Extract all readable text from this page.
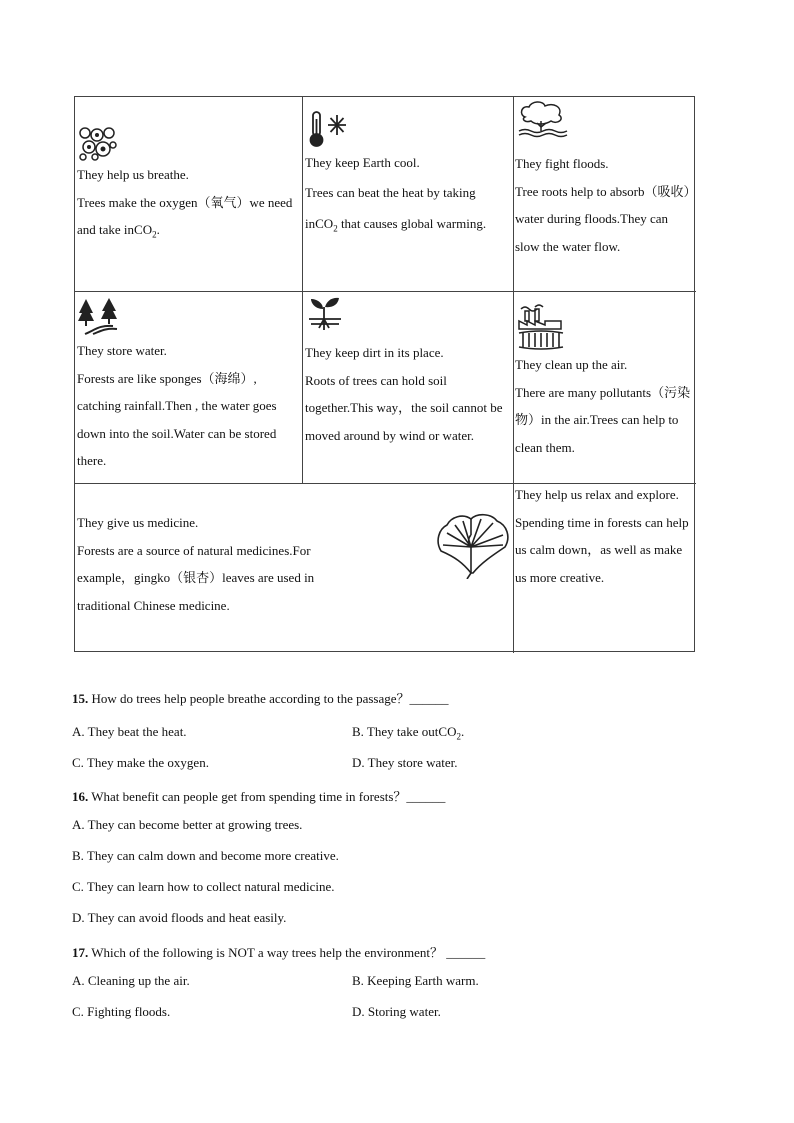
They help us breathe.

Trees make the oxygen（氧气）we need and take inCO$_2$.

They keep Earth cool.

Trees can beat the heat by taking inCO$_2$ that causes global warming.

They fight floods.

Tree roots help to absorb（吸收）water during floods.They can slow the water flow.

They store water.

Forests are like sponges（海绵）, catching rainfall.Then , the water goes down into the soil.Water can be stored there.

They keep dirt in its place.

Roots of trees can hold soil together.This way，the soil cannot be moved around by wind or water.

They clean up the air.

There are many pollutants（污染物）in the air.Trees can help to clean them.

They give us medicine.

Forests are a source of natural medicines.For example，gingko（银杏）leaves are used in traditional Chinese medicine.

They help us relax and explore.

Spending time in forests can help us calm down，as well as make us more creative.

15. How do trees help people breathe according to the passage？______
A. They beat the heat.	B. They take outCO$_2$.
C. They make the oxygen.	D. They store water.
16. What benefit can people get from spending time in forests？______
A. They can become better at growing trees.
B. They can calm down and become more creative.
C. They can learn how to collect natural medicine.
D. They can avoid floods and heat easily.
17. Which of the following is NOT a way trees help the environment？ ______
A. Cleaning up the air.	B. Keeping Earth warm.
C. Fighting floods.	D. Storing water.
